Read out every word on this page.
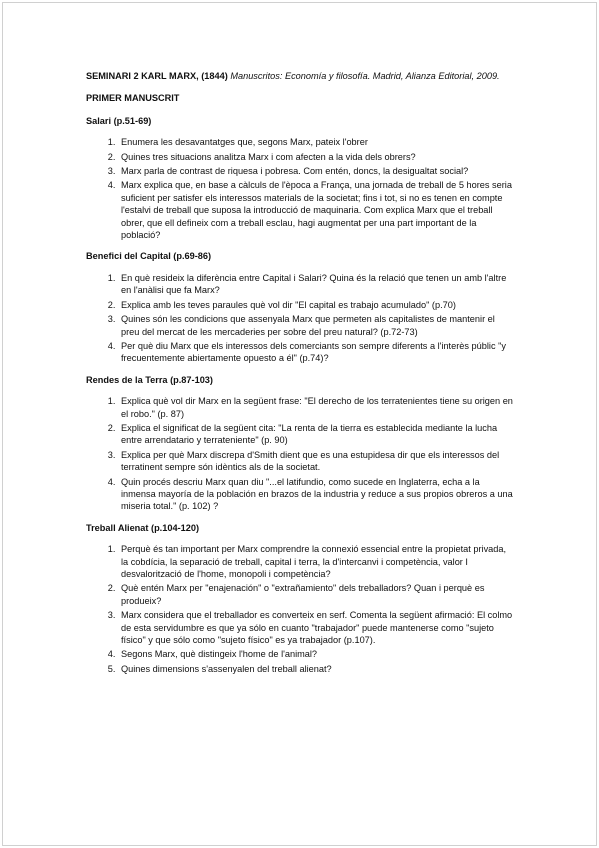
SEMINARI 2 KARL MARX, (1844) Manuscritos: Economía y filosofía. Madrid, Alianza Editorial, 2009.

PRIMER MANUSCRIT

Salari (p.51-69)

1. Enumera les desavantatges que, segons Marx, pateix l'obrer
2. Quines tres situacions analitza Marx i com afecten a la vida dels obrers?
3. Marx parla de contrast de riquesa i pobresa. Com entén, doncs, la desigualtat social?
4. Marx explica que, en base a càlculs de l'època a França, una jornada de treball de 5 hores seria suficient per satisfer els interessos materials de la societat; fins i tot, si no es tenen en compte l'estalvi de treball que suposa la introducció de maquinaria. Com explica Marx que el treball obrer, que ell defineix com a treball esclau, hagi augmentat per una part important de la població?

Benefici del Capital (p.69-86)

1. En què resideix la diferència entre Capital i Salari? Quina és la relació que tenen un amb l'altre en l'anàlisi que fa Marx?
2. Explica amb les teves paraules què vol dir "El capital es trabajo acumulado" (p.70)
3. Quines són les condicions que assenyala Marx que permeten als capitalistes de mantenir el preu del mercat de les mercaderies per sobre del preu natural? (p.72-73)
4. Per què diu Marx que els interessos dels comerciants son sempre diferents a l'interès públic "y frecuentemente abiertamente opuesto a él" (p.74)?

Rendes de la Terra (p.87-103)

1. Explica què vol dir Marx en la següent frase: "El derecho de los terratenientes tiene su origen en el robo." (p. 87)
2. Explica el significat de la següent cita: "La renta de la tierra es establecida mediante la lucha entre arrendatario y terrateniente" (p. 90)
3. Explica per què Marx discrepa d'Smith dient que es una estupidesa dir que els interessos del terratinent sempre són idèntics als de la societat.
4. Quin procés descriu Marx quan diu "...el latifundio, como sucede en Inglaterra, echa a la inmensa mayoría de la población en brazos de la industria y reduce a sus propios obreros a una miseria total." (p. 102) ?

Treball Alienat (p.104-120)

1. Perquè és tan important per Marx comprendre la connexió essencial entre la propietat privada, la cobdícia, la separació de treball, capital i terra, la d'intercanvi i competència, valor I desvalorització de l'home, monopoli i competència?
2. Què entén Marx per "enajenación" o "extrañamiento" dels treballadors? Quan i perquè es produeix?
3. Marx considera que el treballador es converteix en serf. Comenta la següent afirmació: El colmo de esta servidumbre es que ya sólo en cuanto "trabajador" puede mantenerse como "sujeto físico" y que sólo como "sujeto físico" es ya trabajador (p.107).
4. Segons Marx, què distingeix l'home de l'animal?
5. Quines dimensions s'assenyalen del treball alienat?
